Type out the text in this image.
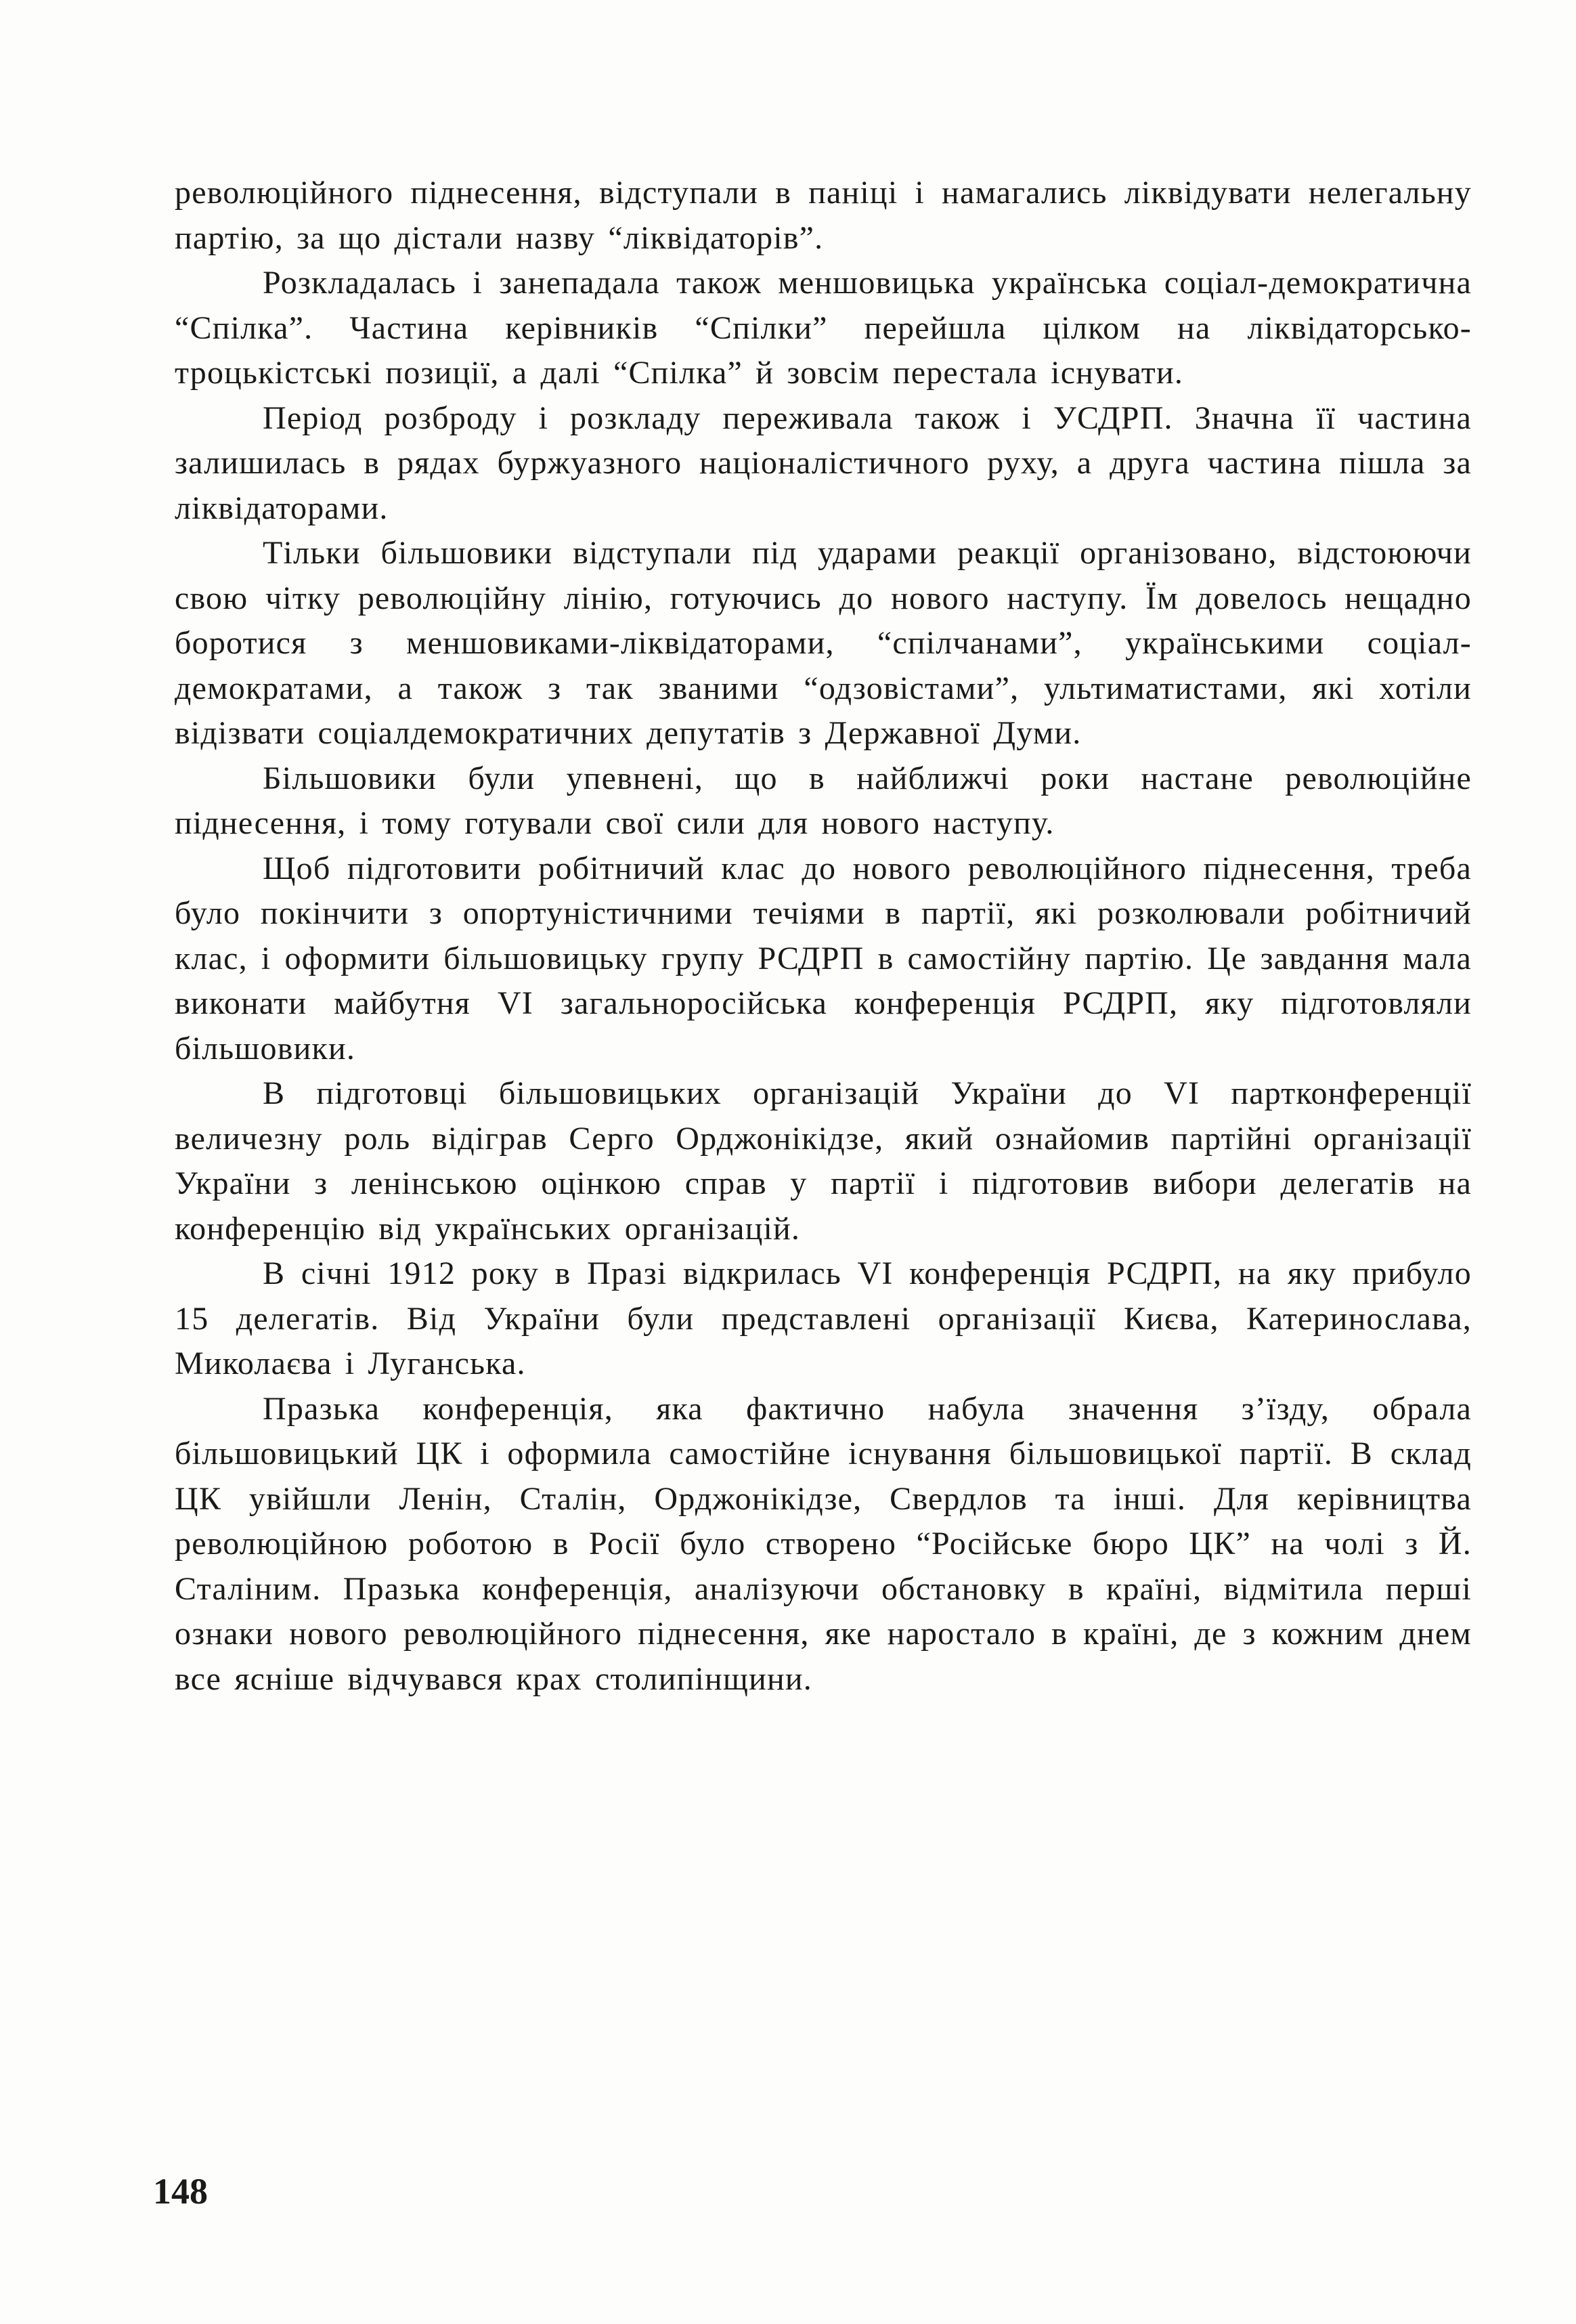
революційного піднесення, відступали в паніці і намагались ліквідувати нелегальну партію, за що дістали назву “ліквідаторів”.

Розкладалась і занепадала також меншовицька українська соціал-демократична “Спілка”. Частина керівників “Спілки” перейшла цілком на ліквідаторсько-троцькістські позиції, а далі “Спілка” й зовсім перестала існувати.

Період розброду і розкладу переживала також і УСДРП. Значна її частина залишилась в рядах буржуазного націоналістичного руху, а друга частина пішла за ліквідаторами.

Тільки більшовики відступали під ударами реакції організовано, відстоюючи свою чітку революційну лінію, готуючись до нового наступу. Їм довелось нещадно боротися з меншовиками-ліквідаторами, “спілчанами”, українськими соціал-демократами, а також з так званими “одзовістами”, ультиматистами, які хотіли відізвати соціалдемократичних депутатів з Державної Думи.

Більшовики були упевнені, що в найближчі роки настане революційне піднесення, і тому готували свої сили для нового наступу.

Щоб підготовити робітничий клас до нового революційного піднесення, треба було покінчити з опортуністичними течіями в партії, які розколювали робітничий клас, і оформити більшовицьку групу РСДРП в самостійну партію. Це завдання мала виконати майбутня VI загальноросійська конференція РСДРП, яку підготовляли більшовики.

В підготовці більшовицьких організацій України до VI партконференції величезну роль відіграв Серго Орджонікідзе, який ознайомив партійні організації України з ленінською оцінкою справ у партії і підготовив вибори делегатів на конференцію від українських організацій.

В січні 1912 року в Празі відкрилась VI конференція РСДРП, на яку прибуло 15 делегатів. Від України були представлені організації Києва, Катеринослава, Миколаєва і Луганська.

Празька конференція, яка фактично набула значення з’їзду, обрала більшовицький ЦК і оформила самостійне існування більшовицької партії. В склад ЦК увійшли Ленін, Сталін, Орджонікідзе, Свердлов та інші. Для керівництва революційною роботою в Росії було створено “Російське бюро ЦК” на чолі з Й. Сталіним. Празька конференція, аналізуючи обстановку в країні, відмітила перші ознаки нового революційного піднесення, яке наростало в країні, де з кожним днем все ясніше відчувався крах столипінщини.

148
